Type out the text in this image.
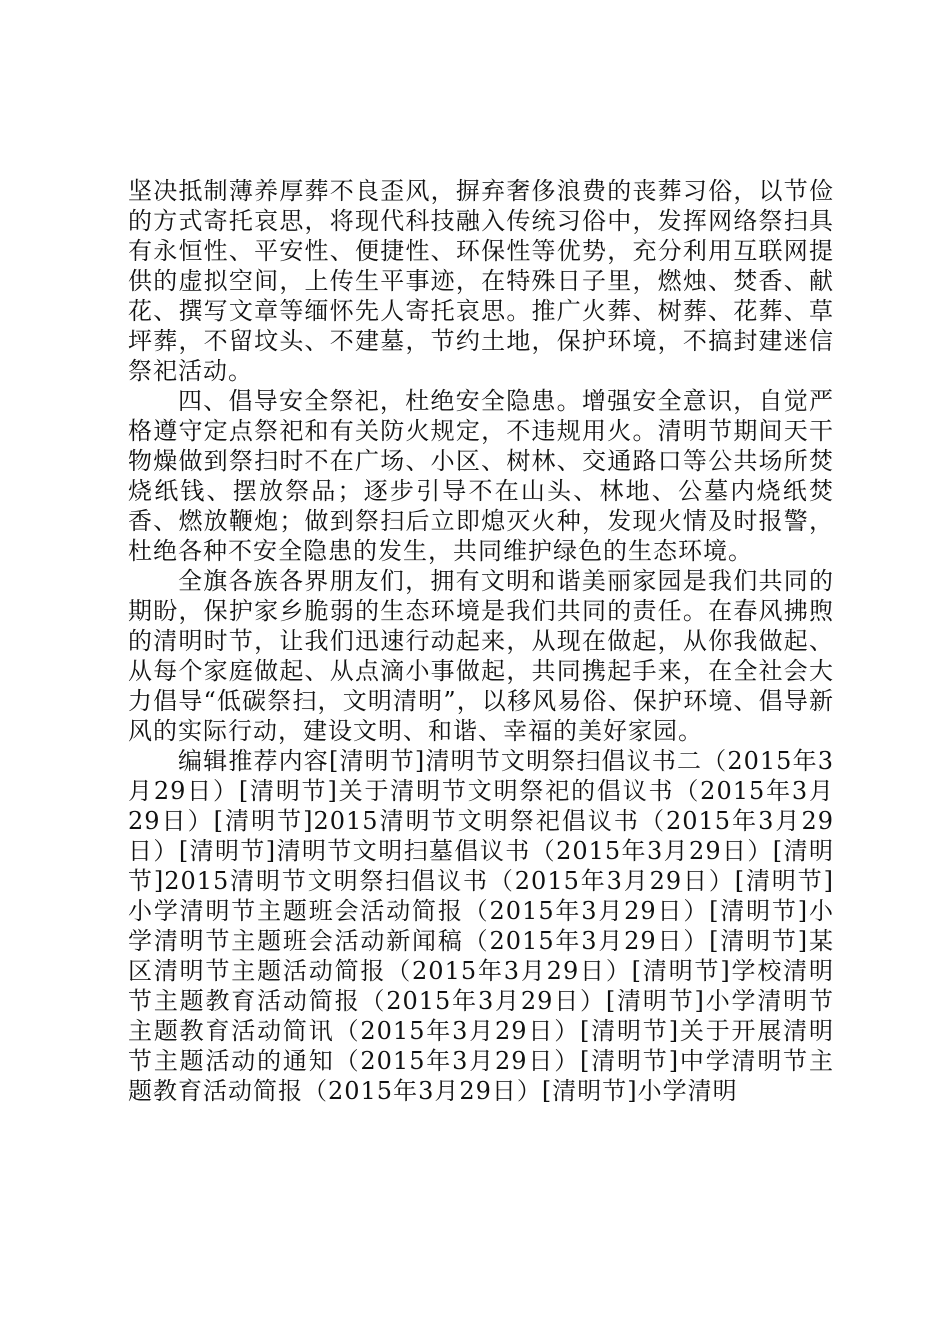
坚决抵制薄养厚葬不良歪风，摒弃奢侈浪费的丧葬习俗，以节俭的方式寄托哀思，将现代科技融入传统习俗中，发挥网络祭扫具有永恒性、平安性、便捷性、环保性等优势，充分利用互联网提供的虚拟空间，上传生平事迹，在特殊日子里，燃烛、焚香、献花、撰写文章等缅怀先人寄托哀思。推广火葬、树葬、花葬、草坪葬，不留坟头、不建墓，节约土地，保护环境，不搞封建迷信祭祀活动。

四、倡导安全祭祀，杜绝安全隐患。增强安全意识，自觉严格遵守定点祭祀和有关防火规定，不违规用火。清明节期间天干物燥做到祭扫时不在广场、小区、树林、交通路口等公共场所焚烧纸钱、摆放祭品；逐步引导不在山头、林地、公墓内烧纸焚香、燃放鞭炮；做到祭扫后立即熄灭火种，发现火情及时报警，杜绝各种不安全隐患的发生，共同维护绿色的生态环境。

全旗各族各界朋友们，拥有文明和谐美丽家园是我们共同的期盼，保护家乡脆弱的生态环境是我们共同的责任。在春风拂煦的清明时节，让我们迅速行动起来，从现在做起，从你我做起、从每个家庭做起、从点滴小事做起，共同携起手来，在全社会大力倡导“低碳祭扫，文明清明”，以移风易俗、保护环境、倡导新风的实际行动，建设文明、和谐、幸福的美好家园。

编辑推荐内容[清明节]清明节文明祭扫倡议书二（2015年3月29日）[清明节]关于清明节文明祭祀的倡议书（2015年3月29日）[清明节]2015清明节文明祭祀倡议书（2015年3月29日）[清明节]清明节文明扫墓倡议书（2015年3月29日）[清明节]2015清明节文明祭扫倡议书（2015年3月29日）[清明节]小学清明节主题班会活动简报（2015年3月29日）[清明节]小学清明节主题班会活动新闻稿（2015年3月29日）[清明节]某区清明节主题活动简报（2015年3月29日）[清明节]学校清明节主题教育活动简报（2015年3月29日）[清明节]小学清明节主题教育活动简讯（2015年3月29日）[清明节]关于开展清明节主题活动的通知（2015年3月29日）[清明节]中学清明节主题教育活动简报（2015年3月29日）[清明节]小学清明
